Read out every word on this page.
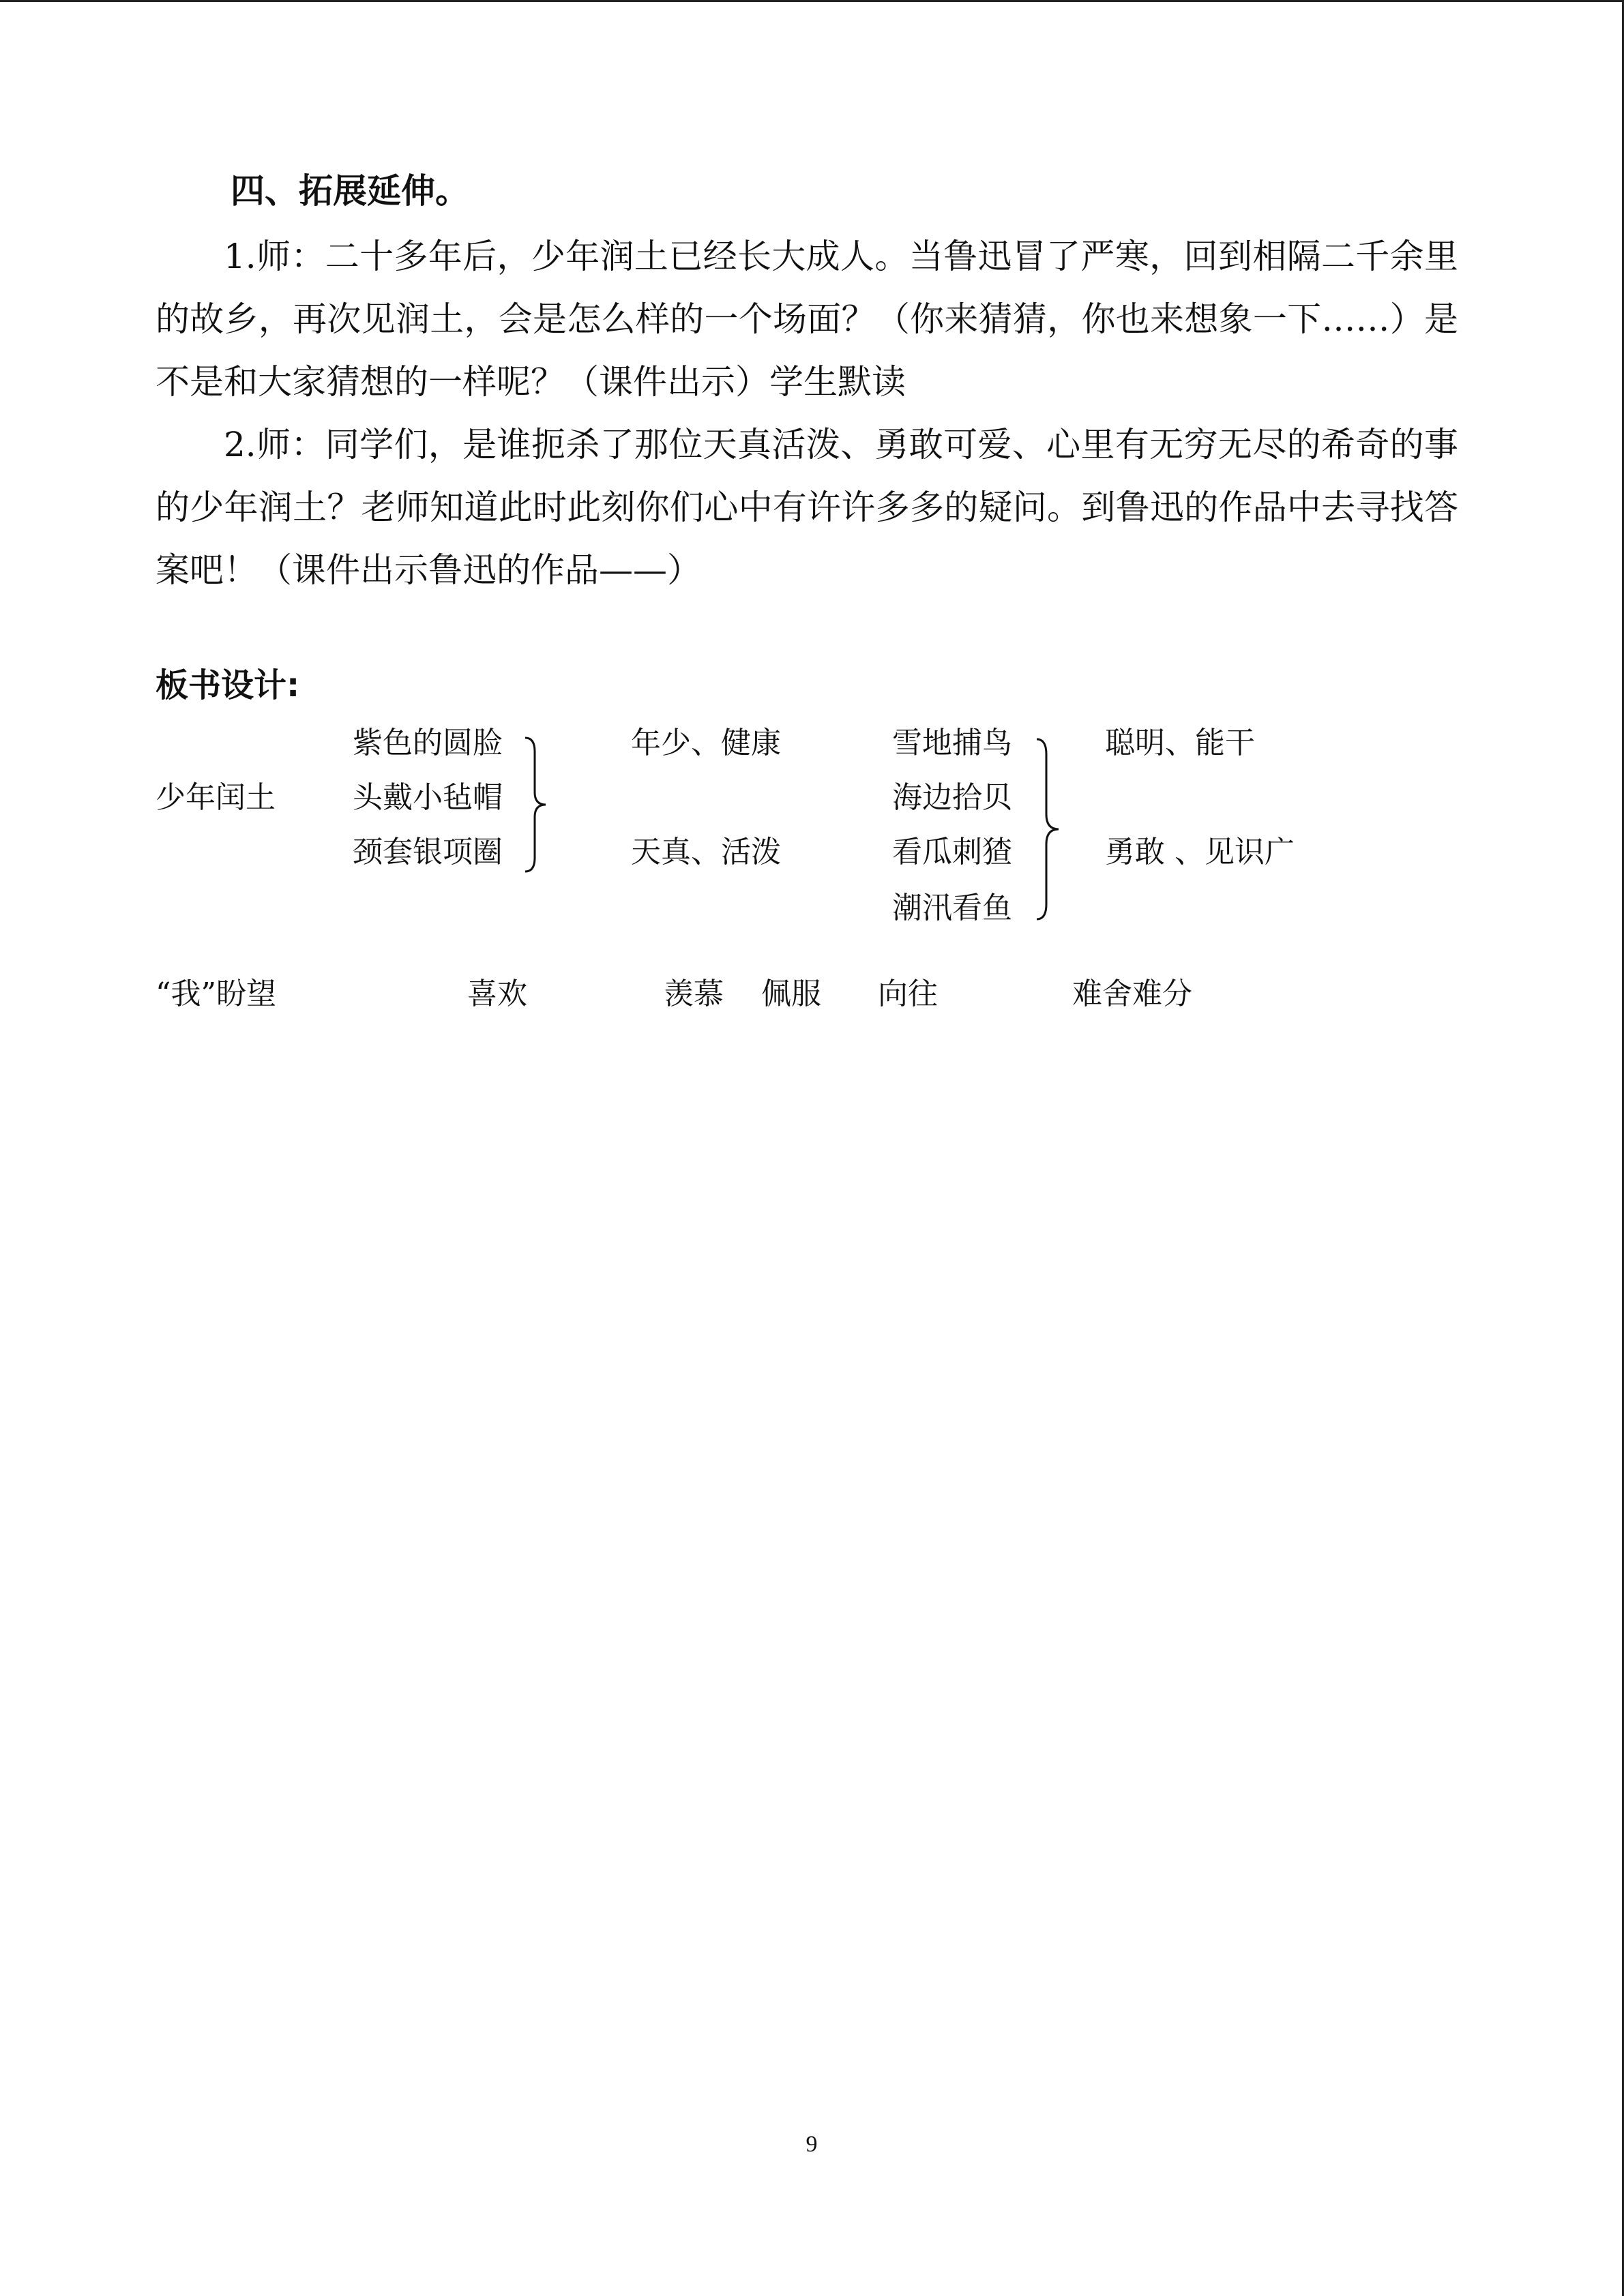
四、拓展延伸。

1.师：二十多年后，少年润土已经长大成人。当鲁迅冒了严寒，回到相隔二千余里的故乡，再次见润土，会是怎么样的一个场面？（你来猜猜，你也来想象一下……）是不是和大家猜想的一样呢？（课件出示）学生默读

2.师：同学们，是谁扼杀了那位天真活泼、勇敢可爱、心里有无穷无尽的希奇的事的少年润土？老师知道此时此刻你们心中有许许多多的疑问。到鲁迅的作品中去寻找答案吧！（课件出示鲁迅的作品——）

板书设计:
少年闰土
紫色的圆脸
头戴小毡帽
颈套银项圈
年少、健康
天真、活泼
雪地捕鸟
海边拾贝
看瓜刺猹
潮汛看鱼
聪明、能干
勇敢 、见识广
“我”盼望	喜欢	羡慕 佩服 向往	难舍难分
9
